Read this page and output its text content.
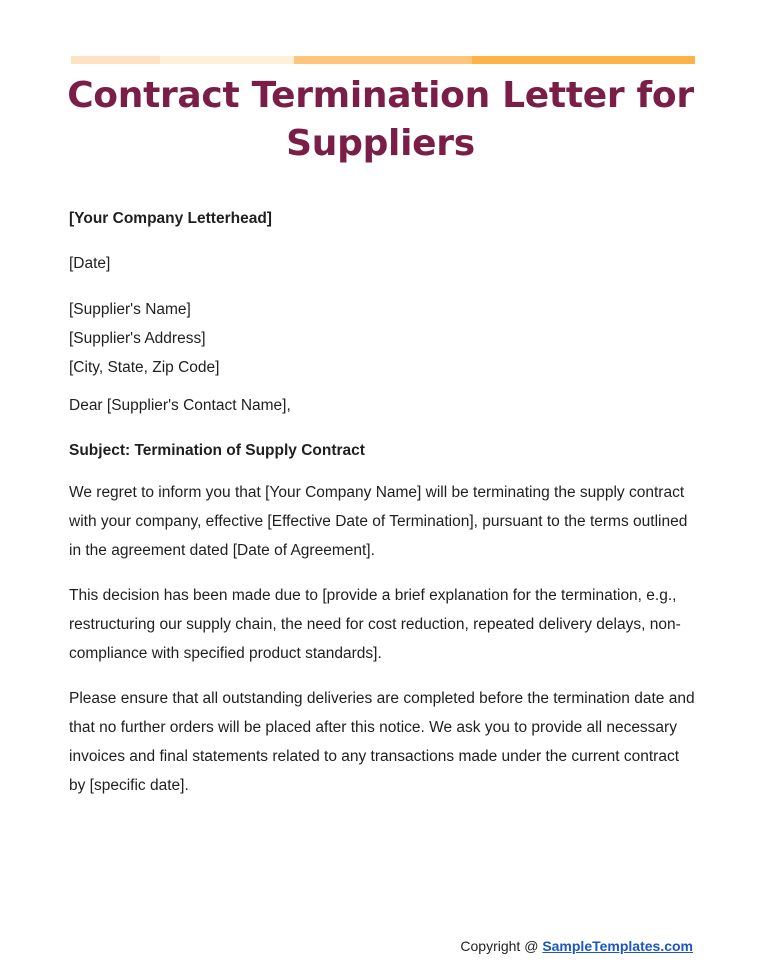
Contract Termination Letter for
Suppliers

[Your Company Letterhead]

[Date]

[Supplier's Name]

[Supplier's Address]

[City, State, Zip Code]

Dear [Supplier's Contact Name],

Subject: Termination of Supply Contract

We regret to inform you that [Your Company Name] will be terminating the supply contract with your company, effective [Effective Date of Termination], pursuant to the terms outlined in the agreement dated [Date of Agreement].

This decision has been made due to [provide a brief explanation for the termination, e.g., restructuring our supply chain, the need for cost reduction, repeated delivery delays, non-compliance with specified product standards].

Please ensure that all outstanding deliveries are completed before the termination date and that no further orders will be placed after this notice. We ask you to provide all necessary invoices and final statements related to any transactions made under the current contract by [specific date].

Copyright @ SampleTemplates.com
